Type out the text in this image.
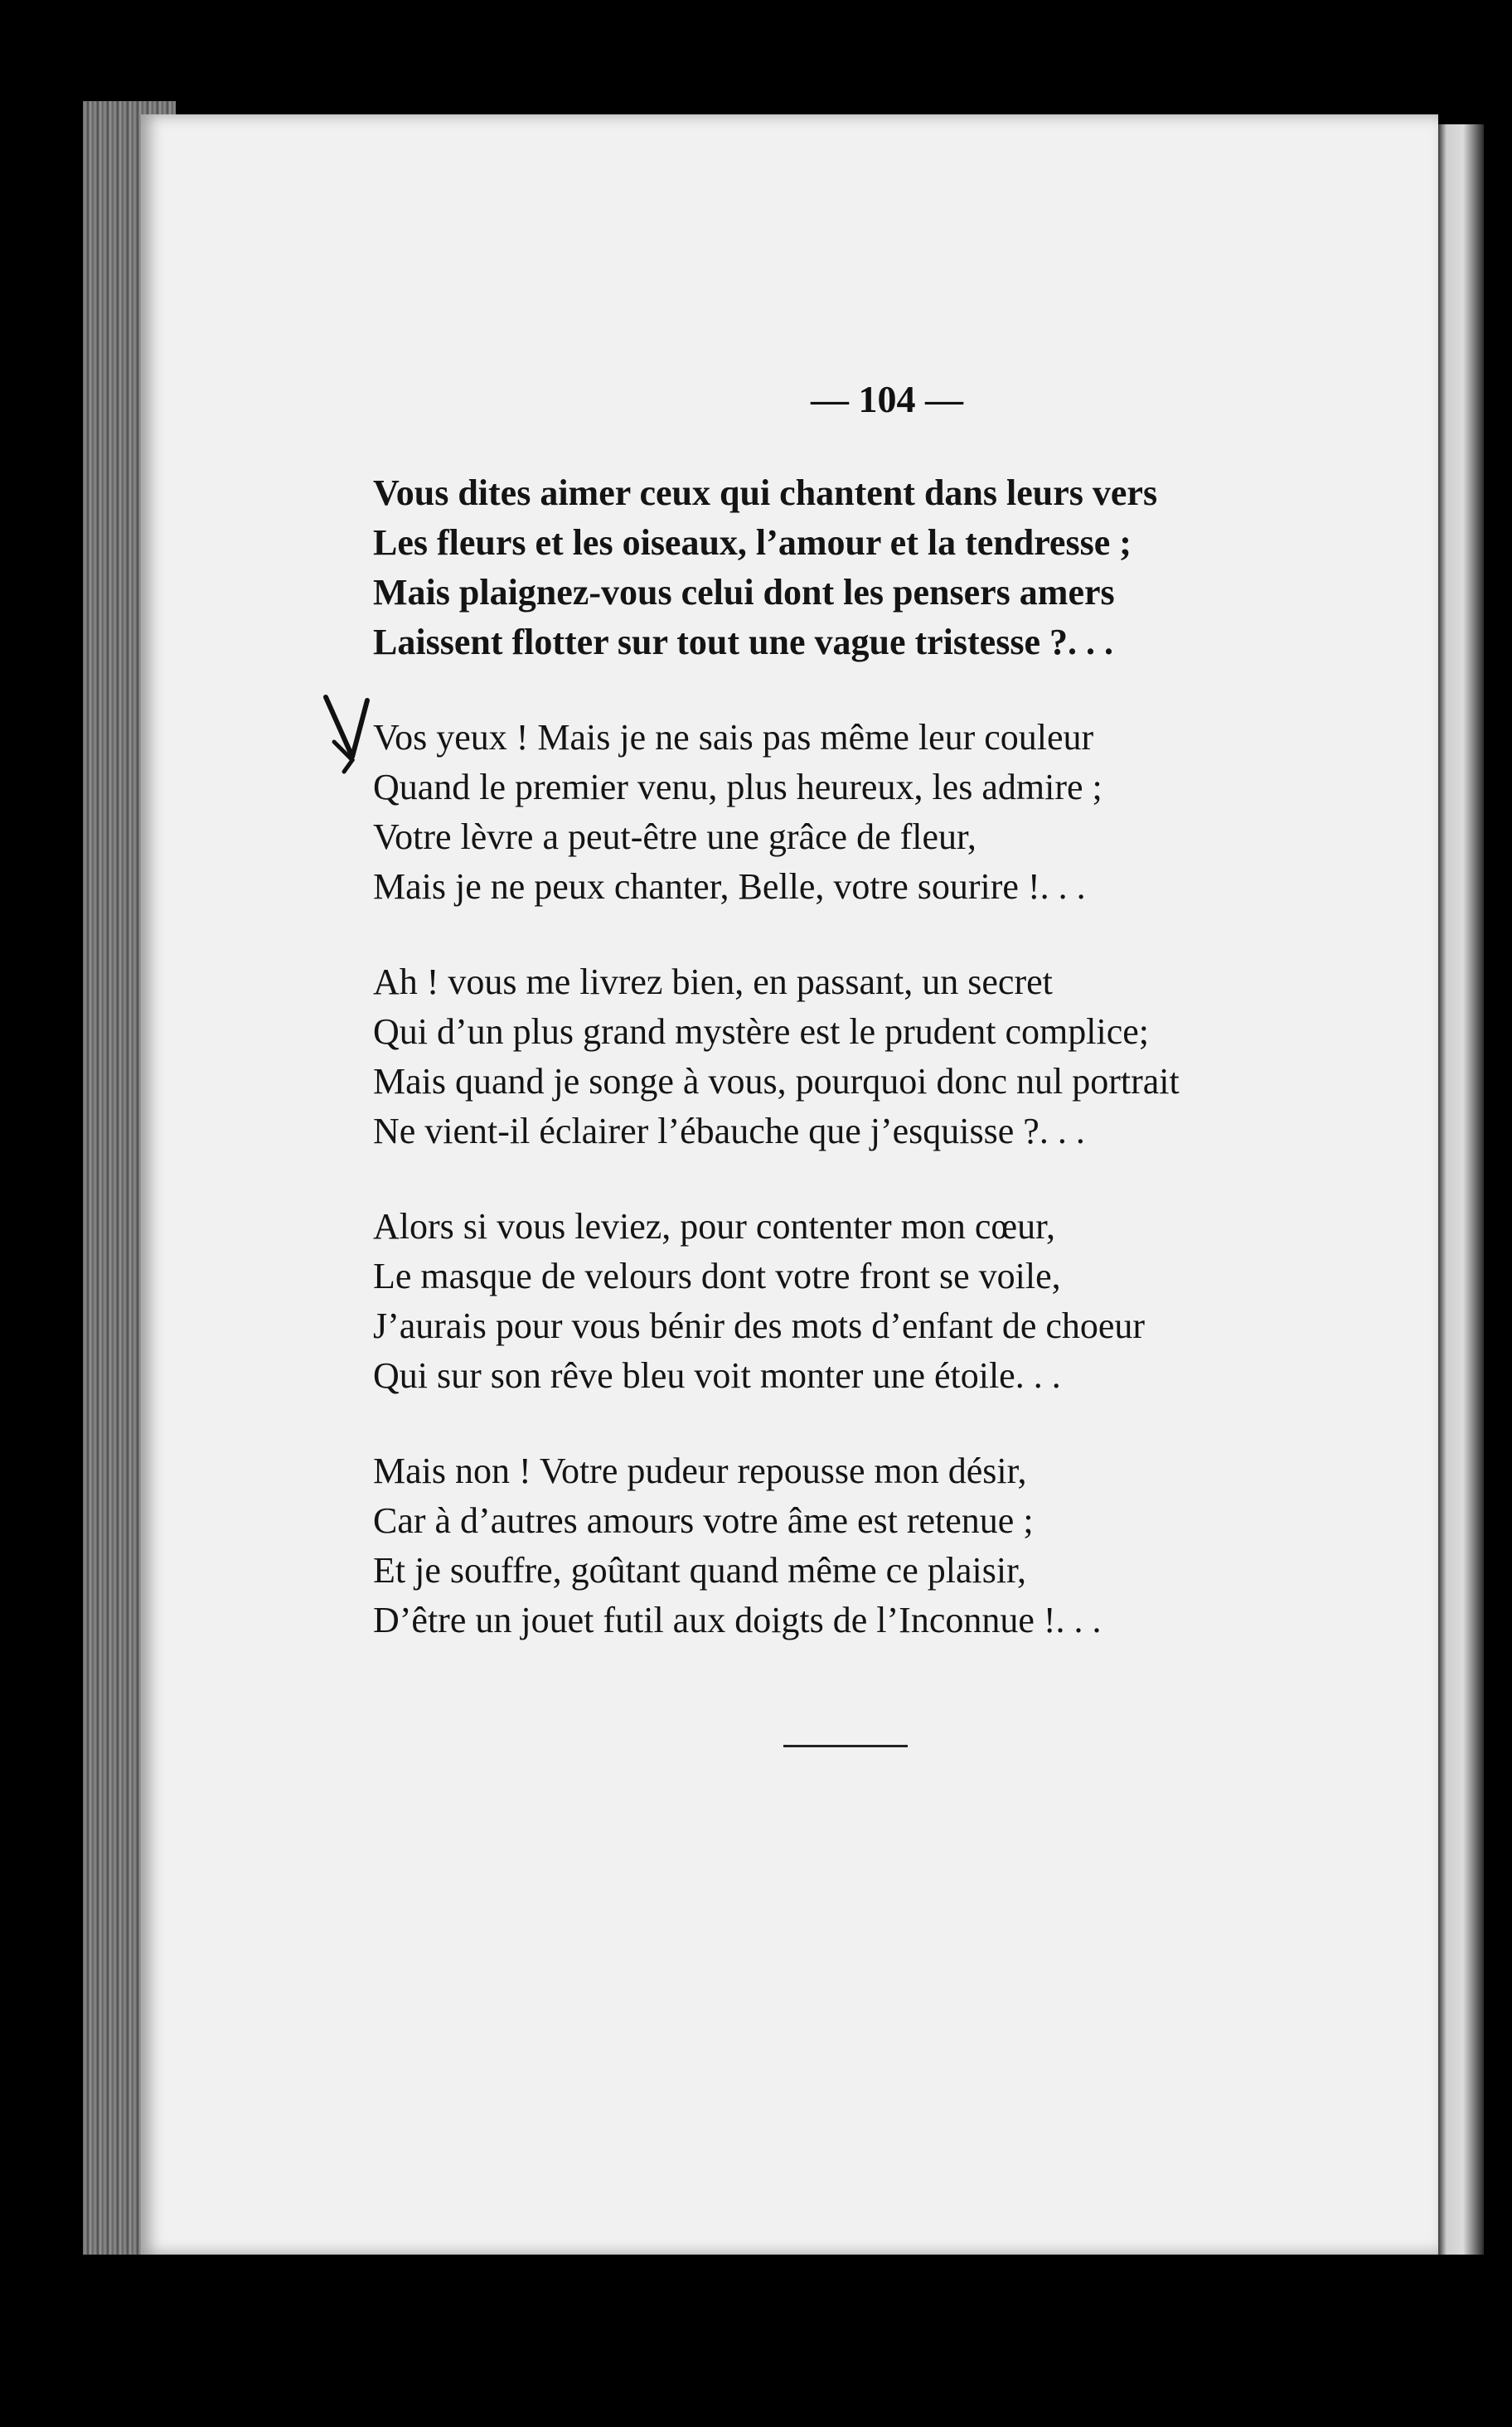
— 104 —
Vous dites aimer ceux qui chantent dans leurs vers
Les fleurs et les oiseaux, l’amour et la tendresse ;
Mais plaignez-vous celui dont les pensers amers
Laissent flotter sur tout une vague tristesse ?. . .
Vos yeux ! Mais je ne sais pas même leur couleur
Quand le premier venu, plus heureux, les admire ;
Votre lèvre a peut-être une grâce de fleur,
Mais je ne peux chanter, Belle, votre sourire !. . .
Ah ! vous me livrez bien, en passant, un secret
Qui d’un plus grand mystère est le prudent complice;
Mais quand je songe à vous, pourquoi donc nul portrait
Ne vient-il éclairer l’ébauche que j’esquisse ?. . .
Alors si vous leviez, pour contenter mon cœur,
Le masque de velours dont votre front se voile,
J’aurais pour vous bénir des mots d’enfant de choeur
Qui sur son rêve bleu voit monter une étoile. . .
Mais non ! Votre pudeur repousse mon désir,
Car à d’autres amours votre âme est retenue ;
Et je souffre, goûtant quand même ce plaisir,
D’être un jouet futil aux doigts de l’Inconnue !. . .
